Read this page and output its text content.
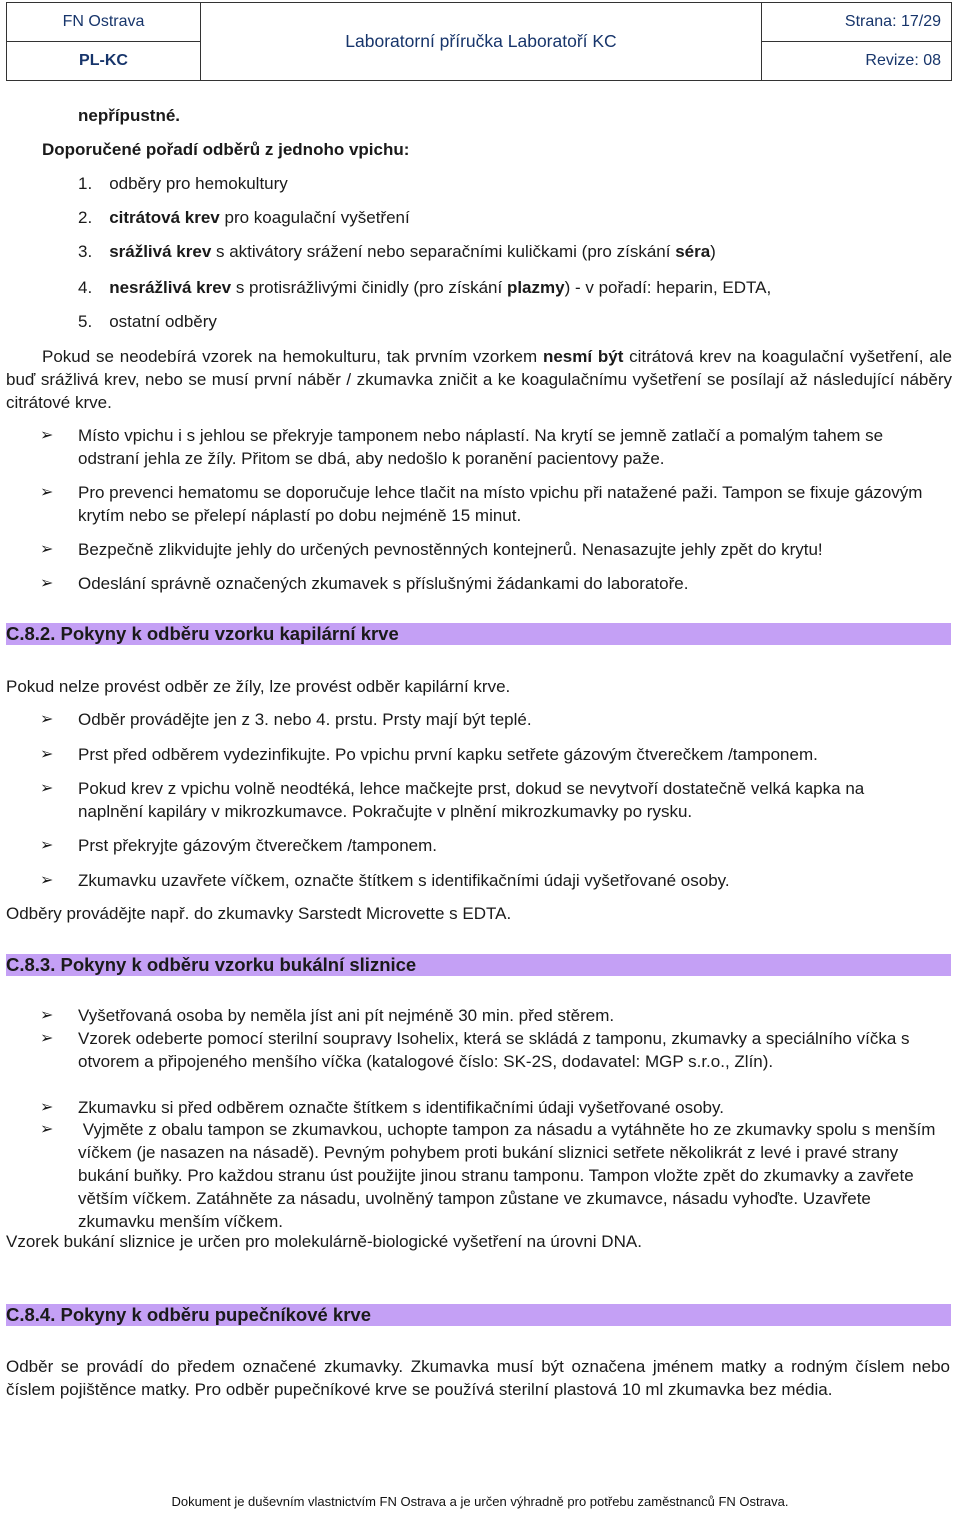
FN Ostrava	Laboratorní příručka Laboratoří KC	Strana: 17/29
PL-KC		Revize: 08
nepřípustné.
Doporučené pořadí odběrů z jednoho vpichu:
1. odběry pro hemokultury
2. citrátová krev pro koagulační vyšetření
3. srážlivá krev s aktivátory srážení nebo separačními kuličkami (pro získání séra)
4. nesrážlivá krev s protisrážlivými činidly (pro získání plazmy) - v pořadí: heparin, EDTA,
5. ostatní odběry
Pokud se neodebírá vzorek na hemokulturu, tak prvním vzorkem nesmí být citrátová krev na koagulační vyšetření, ale buď srážlivá krev, nebo se musí první náběr / zkumavka zničit a ke koagulačnímu vyšetření se posílají až následující náběry citrátové krve.
➢ Místo vpichu i s jehlou se překryje tamponem nebo náplastí. Na krytí se jemně zatlačí a pomalým tahem se odstraní jehla ze žíly. Přitom se dbá, aby nedošlo k poranění pacientovy paže.
➢ Pro prevenci hematomu se doporučuje lehce tlačit na místo vpichu při natažené paži. Tampon se fixuje gázovým krytím nebo se přelepí náplastí po dobu nejméně 15 minut.
➢ Bezpečně zlikvidujte jehly do určených pevnostěnných kontejnerů. Nenasazujte jehly zpět do krytu!
➢ Odeslání správně označených zkumavek s příslušnými žádankami do laboratoře.
C.8.2. Pokyny k odběru vzorku kapilární krve
Pokud nelze provést odběr ze žíly, lze provést odběr kapilární krve.
➢ Odběr provádějte jen z 3. nebo 4. prstu. Prsty mají být teplé.
➢ Prst před odběrem vydezinfikujte. Po vpichu první kapku setřete gázovým čtverečkem /tamponem.
➢ Pokud krev z vpichu volně neodtéká, lehce mačkejte prst, dokud se nevytvoří dostatečně velká kapka na naplnění kapiláry v mikrozkumavce. Pokračujte v plnění mikrozkumavky po rysku.
➢ Prst překryjte gázovým čtverečkem /tamponem.
➢ Zkumavku uzavřete víčkem, označte štítkem s identifikačními údaji vyšetřované osoby.
Odběry provádějte např. do zkumavky Sarstedt Microvette s EDTA.
C.8.3. Pokyny k odběru vzorku bukální sliznice
➢ Vyšetřovaná osoba by neměla jíst ani pít nejméně 30 min. před stěrem.
➢ Vzorek odeberte pomocí sterilní soupravy Isohelix, která se skládá z tamponu, zkumavky a speciálního víčka s otvorem a připojeného menšího víčka (katalogové číslo: SK-2S, dodavatel: MGP s.r.o., Zlín).
➢ Zkumavku si před odběrem označte štítkem s identifikačními údaji vyšetřované osoby.
➢ Vyjměte z obalu tampon se zkumavkou, uchopte tampon za násadu a vytáhněte ho ze zkumavky spolu s menším víčkem (je nasazen na násadě). Pevným pohybem proti bukání sliznici setřete několikrát z levé i pravé strany bukání buňky. Pro každou stranu úst použijte jinou stranu tamponu. Tampon vložte zpět do zkumavky a zavřete větším víčkem. Zatáhněte za násadu, uvolněný tampon zůstane ve zkumavce, násadu vyhoďte. Uzavřete zkumavku menším víčkem.
Vzorek bukání sliznice je určen pro molekulárně-biologické vyšetření na úrovni DNA.
C.8.4. Pokyny k odběru pupečníkové krve
Odběr se provádí do předem označené zkumavky. Zkumavka musí být označena jménem matky a rodným číslem nebo číslem pojištěnce matky. Pro odběr pupečníkové krve se používá sterilní plastová 10 ml zkumavka bez média.
Dokument je duševním vlastnictvím FN Ostrava a je určen výhradně pro potřebu zaměstnanců FN Ostrava.
